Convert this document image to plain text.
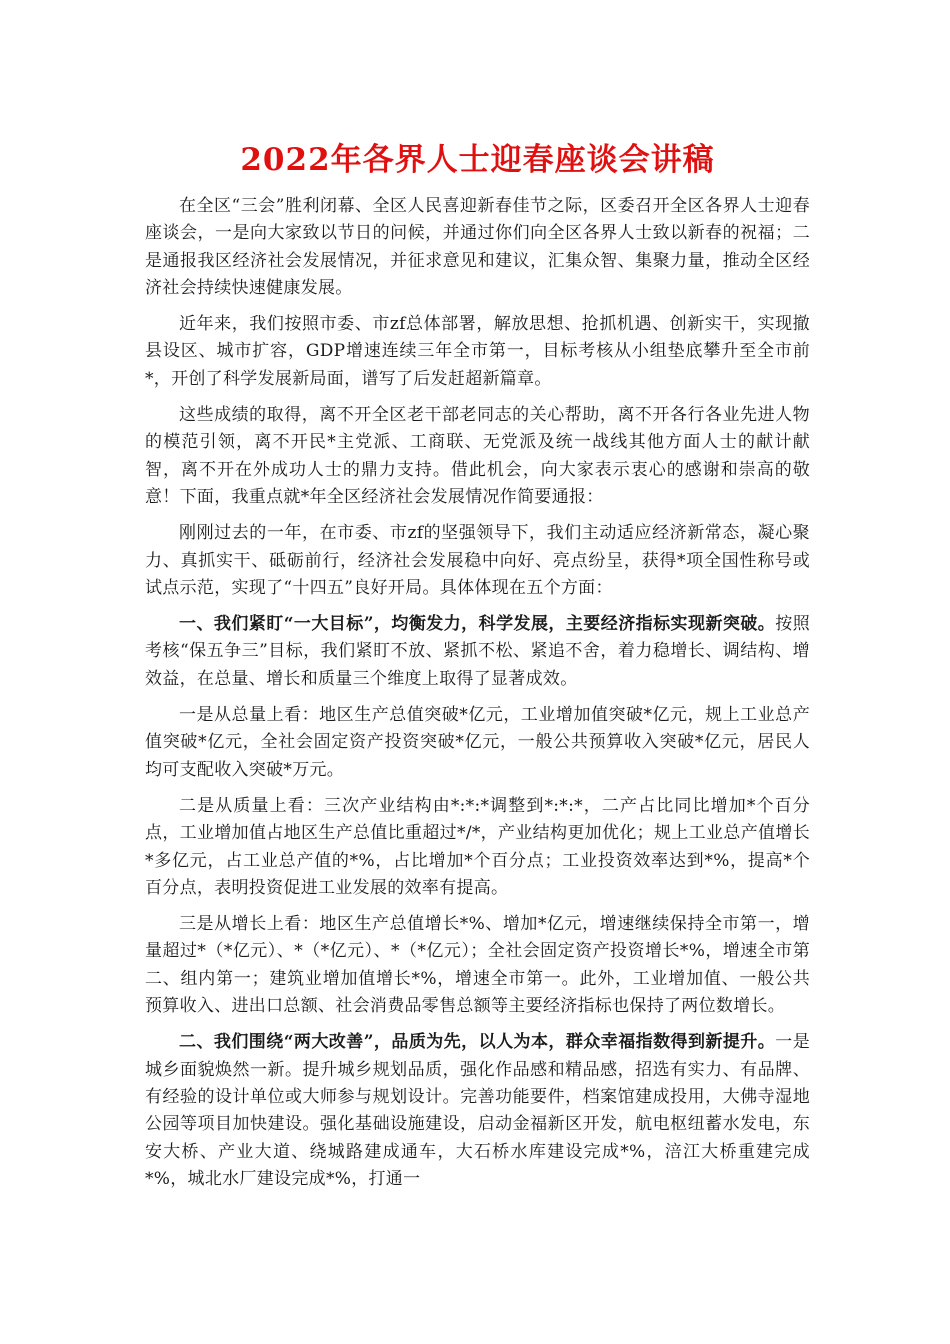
2022年各界人士迎春座谈会讲稿

在全区“三会”胜利闭幕、全区人民喜迎新春佳节之际，区委召开全区各界人士迎春座谈会，一是向大家致以节日的问候，并通过你们向全区各界人士致以新春的祝福；二是通报我区经济社会发展情况，并征求意见和建议，汇集众智、集聚力量，推动全区经济社会持续快速健康发展。

近年来，我们按照市委、市zf总体部署，解放思想、抢抓机遇、创新实干，实现撤县设区、城市扩容，GDP增速连续三年全市第一，目标考核从小组垫底攀升至全市前*，开创了科学发展新局面，谱写了后发赶超新篇章。

这些成绩的取得，离不开全区老干部老同志的关心帮助，离不开各行各业先进人物的模范引领，离不开民*主党派、工商联、无党派及统一战线其他方面人士的献计献智，离不开在外成功人士的鼎力支持。借此机会，向大家表示衷心的感谢和崇高的敬意！下面，我重点就*年全区经济社会发展情况作简要通报：

刚刚过去的一年，在市委、市zf的坚强领导下，我们主动适应经济新常态，凝心聚力、真抓实干、砥砺前行，经济社会发展稳中向好、亮点纷呈，获得*项全国性称号或试点示范，实现了“十四五”良好开局。具体体现在五个方面：

一、我们紧盯“一大目标”，均衡发力，科学发展，主要经济指标实现新突破。按照考核“保五争三”目标，我们紧盯不放、紧抓不松、紧追不舍，着力稳增长、调结构、增效益，在总量、增长和质量三个维度上取得了显著成效。

一是从总量上看：地区生产总值突破*亿元，工业增加值突破*亿元，规上工业总产值突破*亿元，全社会固定资产投资突破*亿元，一般公共预算收入突破*亿元，居民人均可支配收入突破*万元。

二是从质量上看：三次产业结构由*:*:*调整到*:*:*，二产占比同比增加*个百分点，工业增加值占地区生产总值比重超过*/*，产业结构更加优化；规上工业总产值增长*多亿元，占工业总产值的*%，占比增加*个百分点；工业投资效率达到*%，提高*个百分点，表明投资促进工业发展的效率有提高。

三是从增长上看：地区生产总值增长*%、增加*亿元，增速继续保持全市第一，增量超过*（*亿元）、*（*亿元）、*（*亿元）；全社会固定资产投资增长*%，增速全市第二、组内第一；建筑业增加值增长*%，增速全市第一。此外，工业增加值、一般公共预算收入、进出口总额、社会消费品零售总额等主要经济指标也保持了两位数增长。

二、我们围绕“两大改善”，品质为先，以人为本，群众幸福指数得到新提升。一是城乡面貌焕然一新。提升城乡规划品质，强化作品感和精品感，招选有实力、有品牌、有经验的设计单位或大师参与规划设计。完善功能要件，档案馆建成投用，大佛寺湿地公园等项目加快建设。强化基础设施建设，启动金福新区开发，航电枢纽蓄水发电，东安大桥、产业大道、绕城路建成通车，大石桥水库建设完成*%，涪江大桥重建完成*%，城北水厂建设完成*%，打通一
